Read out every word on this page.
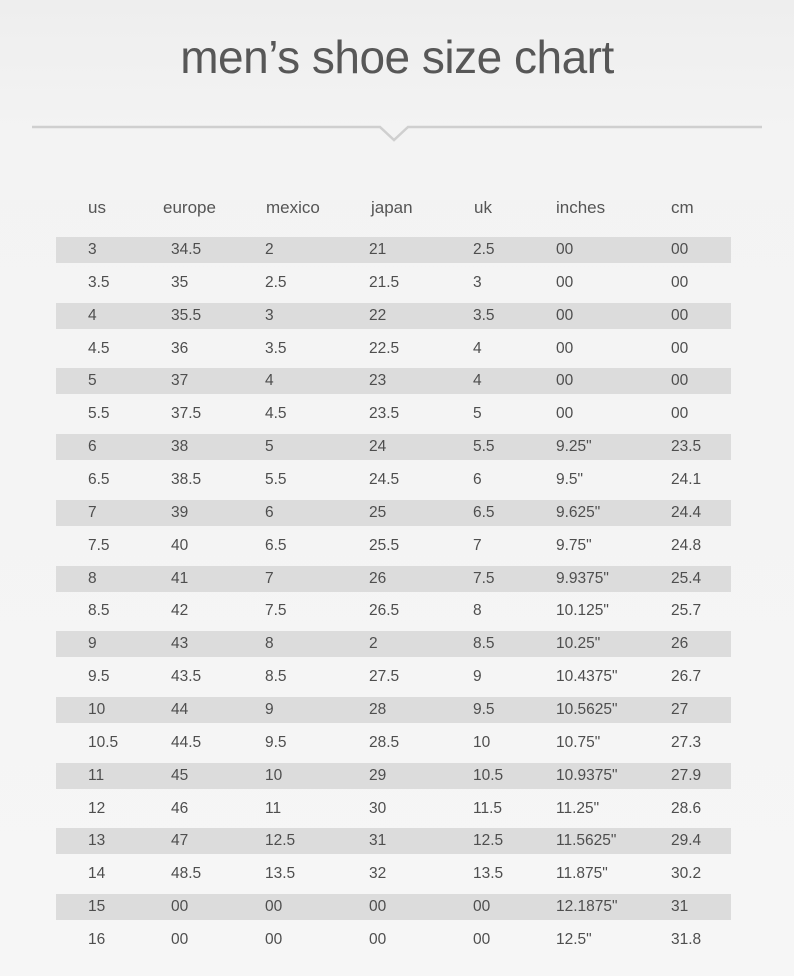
men’s shoe size chart
us	europe	mexico	japan	uk	inches	cm
3	34.5	2	21	2.5	00	00
3.5	35	2.5	21.5	3	00	00
4	35.5	3	22	3.5	00	00
4.5	36	3.5	22.5	4	00	00
5	37	4	23	4	00	00
5.5	37.5	4.5	23.5	5	00	00
6	38	5	24	5.5	9.25"	23.5
6.5	38.5	5.5	24.5	6	9.5"	24.1
7	39	6	25	6.5	9.625"	24.4
7.5	40	6.5	25.5	7	9.75"	24.8
8	41	7	26	7.5	9.9375"	25.4
8.5	42	7.5	26.5	8	10.125"	25.7
9	43	8	2	8.5	10.25"	26
9.5	43.5	8.5	27.5	9	10.4375"	26.7
10	44	9	28	9.5	10.5625"	27
10.5	44.5	9.5	28.5	10	10.75"	27.3
11	45	10	29	10.5	10.9375"	27.9
12	46	11	30	11.5	11.25"	28.6
13	47	12.5	31	12.5	11.5625"	29.4
14	48.5	13.5	32	13.5	11.875"	30.2
15	00	00	00	00	12.1875"	31
16	00	00	00	00	12.5"	31.8
